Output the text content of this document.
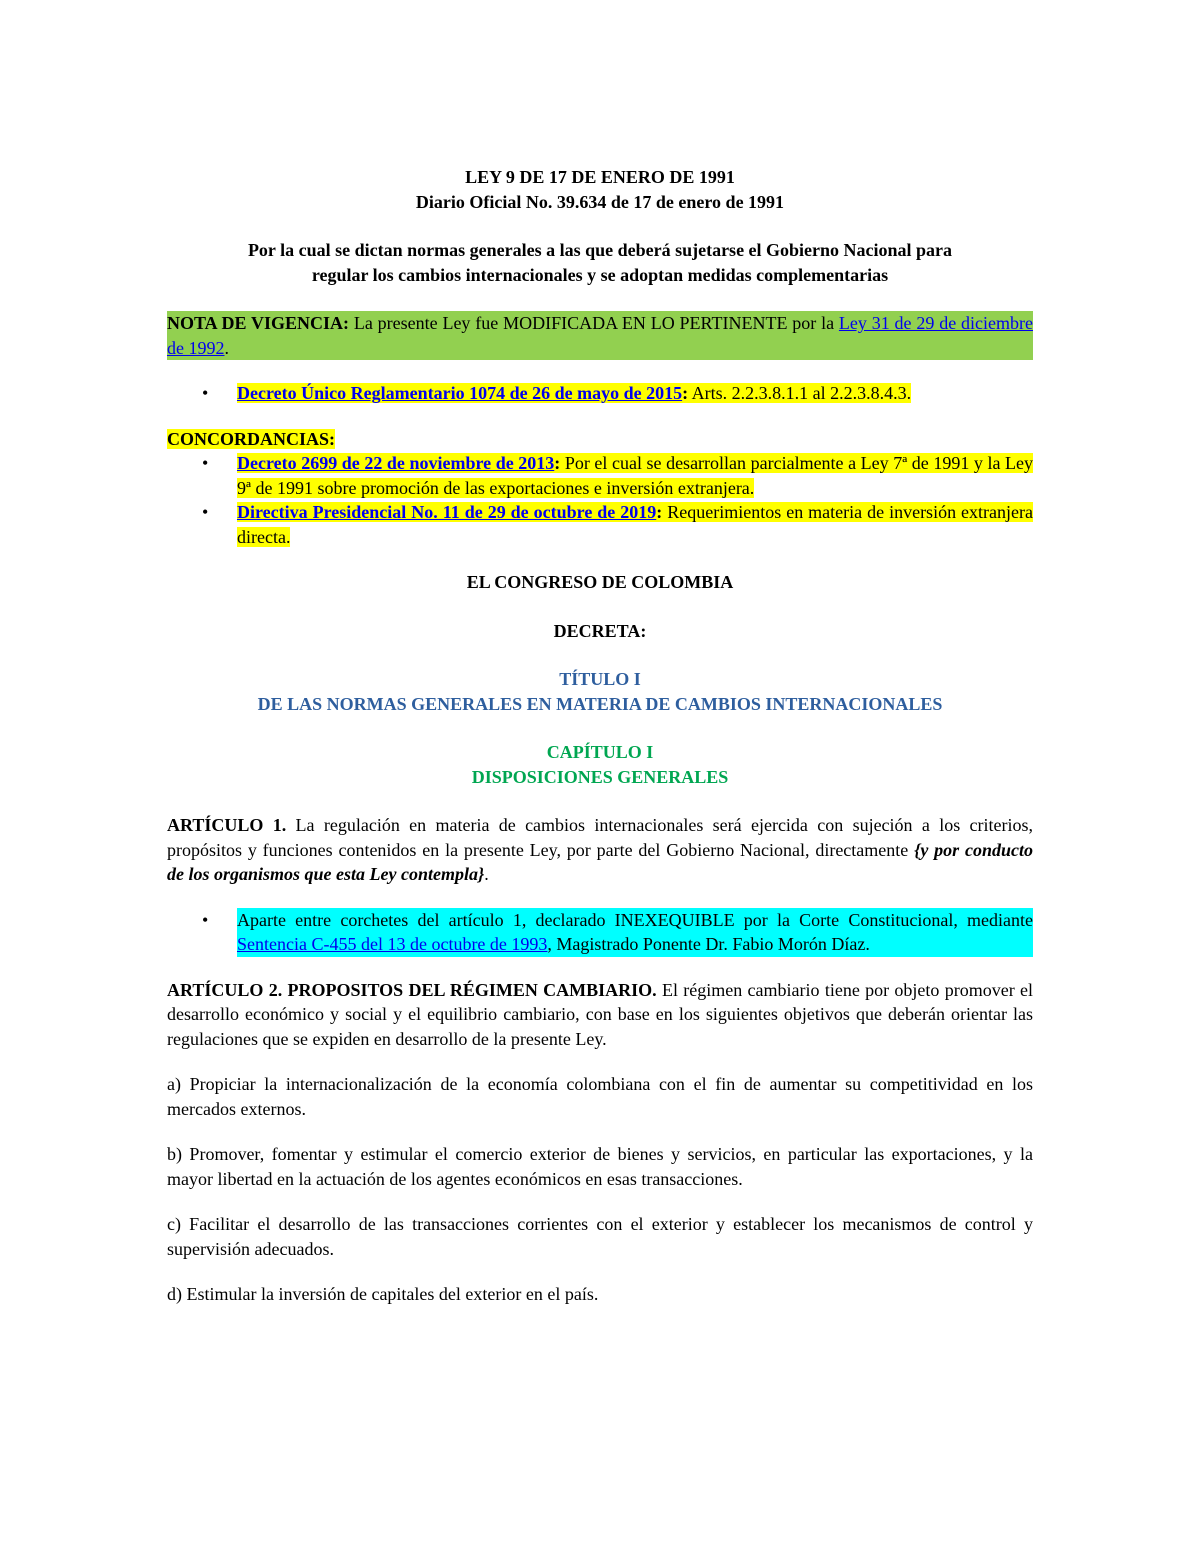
LEY 9 DE 17 DE ENERO DE 1991

Diario Oficial No. 39.634 de 17 de enero de 1991

Por la cual se dictan normas generales a las que deberá sujetarse el Gobierno Nacional para

regular los cambios internacionales y se adoptan medidas complementarias

NOTA DE VIGENCIA: La presente Ley fue MODIFICADA EN LO PERTINENTE por la Ley 31 de 29 de diciembre de 1992.

• Decreto Único Reglamentario 1074 de 26 de mayo de 2015: Arts. 2.2.3.8.1.1 al 2.2.3.8.4.3.

CONCORDANCIAS:

• Decreto 2699 de 22 de noviembre de 2013: Por el cual se desarrollan parcialmente a Ley 7ª de 1991 y la Ley 9ª de 1991 sobre promoción de las exportaciones e inversión extranjera.

• Directiva Presidencial No. 11 de 29 de octubre de 2019: Requerimientos en materia de inversión extranjera directa.

EL CONGRESO DE COLOMBIA

DECRETA:

TÍTULO I

DE LAS NORMAS GENERALES EN MATERIA DE CAMBIOS INTERNACIONALES

CAPÍTULO I

DISPOSICIONES GENERALES

ARTÍCULO 1. La regulación en materia de cambios internacionales será ejercida con sujeción a los criterios, propósitos y funciones contenidos en la presente Ley, por parte del Gobierno Nacional, directamente {y por conducto de los organismos que esta Ley contempla}.

• Aparte entre corchetes del artículo 1, declarado INEXEQUIBLE por la Corte Constitucional, mediante Sentencia C-455 del 13 de octubre de 1993, Magistrado Ponente Dr. Fabio Morón Díaz.

ARTÍCULO 2. PROPOSITOS DEL RÉGIMEN CAMBIARIO. El régimen cambiario tiene por objeto promover el desarrollo económico y social y el equilibrio cambiario, con base en los siguientes objetivos que deberán orientar las regulaciones que se expiden en desarrollo de la presente Ley.

a) Propiciar la internacionalización de la economía colombiana con el fin de aumentar su competitividad en los mercados externos.

b) Promover, fomentar y estimular el comercio exterior de bienes y servicios, en particular las exportaciones, y la mayor libertad en la actuación de los agentes económicos en esas transacciones.

c) Facilitar el desarrollo de las transacciones corrientes con el exterior y establecer los mecanismos de control y supervisión adecuados.

d) Estimular la inversión de capitales del exterior en el país.
